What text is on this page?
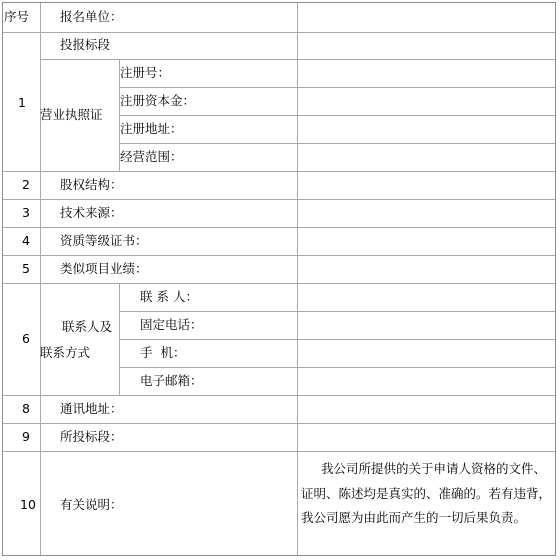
序号 报名单位：
1
投报标段
营业执照证
注册号：
注册资本金：
注册地址：
经营范围：
2 股权结构：
3 技术来源：
4 资质等级证书：
5 类似项目业绩：
6
联系人及
联系方式
联 系 人：
固定电话：
手  机：
电子邮箱：
8 通讯地址：
9 所投标段：
10 有关说明：
我公司所提供的关于申请人资格的文件、证明、陈述均是真实的、准确的。若有违背，我公司愿为由此而产生的一切后果负责。
